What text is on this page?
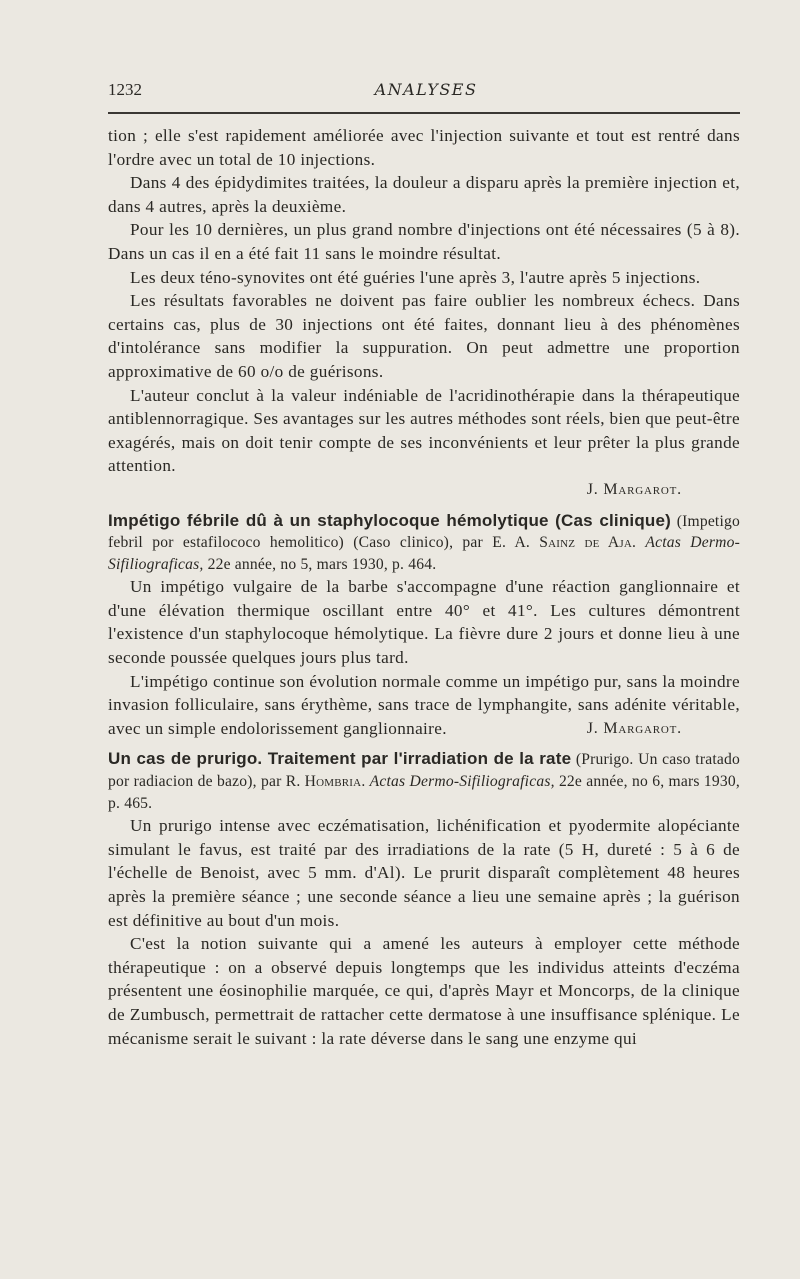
1232	ANALYSES

tion ; elle s'est rapidement améliorée avec l'injection suivante et tout est rentré dans l'ordre avec un total de 10 injections.

Dans 4 des épidydimites traitées, la douleur a disparu après la première injection et, dans 4 autres, après la deuxième.

Pour les 10 dernières, un plus grand nombre d'injections ont été nécessaires (5 à 8). Dans un cas il en a été fait 11 sans le moindre résultat.

Les deux téno-synovites ont été guéries l'une après 3, l'autre après 5 injections.

Les résultats favorables ne doivent pas faire oublier les nombreux échecs. Dans certains cas, plus de 30 injections ont été faites, donnant lieu à des phénomènes d'intolérance sans modifier la suppuration. On peut admettre une proportion approximative de 60 o/o de guérisons.

L'auteur conclut à la valeur indéniable de l'acridinothérapie dans la thérapeutique antiblennorragique. Ses avantages sur les autres méthodes sont réels, bien que peut-être exagérés, mais on doit tenir compte de ses inconvénients et leur prêter la plus grande attention.

J. Margarot.
Impétigo fébrile dû à un staphylocoque hémolytique (Cas clinique) (Impetigo febril por estafilococo hemolitico) (Caso clinico), par E. A. Sainz de Aja. Actas Dermo-Sifiliograficas, 22e année, no 5, mars 1930, p. 464.

Un impétigo vulgaire de la barbe s'accompagne d'une réaction ganglionnaire et d'une élévation thermique oscillant entre 40° et 41°. Les cultures démontrent l'existence d'un staphylocoque hémolytique. La fièvre dure 2 jours et donne lieu à une seconde poussée quelques jours plus tard.

L'impétigo continue son évolution normale comme un impétigo pur, sans la moindre invasion folliculaire, sans érythème, sans trace de lymphangite, sans adénite véritable, avec un simple endolorissement ganglionnaire.	J. Margarot.

Un cas de prurigo. Traitement par l'irradiation de la rate (Prurigo. Un caso tratado por radiacion de bazo), par R. Hombria. Actas Dermo-Sifiliograficas, 22e année, no 6, mars 1930, p. 465.

Un prurigo intense avec eczématisation, lichénification et pyodermite alopéciante simulant le favus, est traité par des irradiations de la rate (5 H, dureté : 5 à 6 de l'échelle de Benoist, avec 5 mm. d'Al). Le prurit disparaît complètement 48 heures après la première séance ; une seconde séance a lieu une semaine après ; la guérison est définitive au bout d'un mois.

C'est la notion suivante qui a amené les auteurs à employer cette méthode thérapeutique : on a observé depuis longtemps que les individus atteints d'eczéma présentent une éosinophilie marquée, ce qui, d'après Mayr et Moncorps, de la clinique de Zumbusch, permettrait de rattacher cette dermatose à une insuffisance splénique. Le mécanisme serait le suivant : la rate déverse dans le sang une enzyme qui
